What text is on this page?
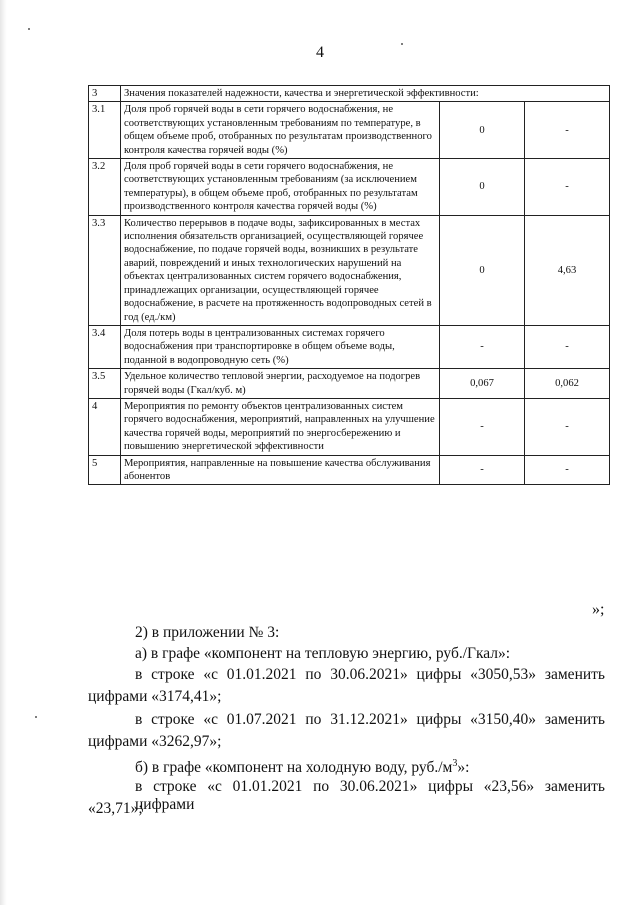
4
3	Значения показателей надежности, качества и энергетической эффективности:		
3.1	Доля проб горячей воды в сети горячего водоснабжения, не соответствующих установленным требованиям по температуре, в общем объеме проб, отобранных по результатам производственного контроля качества горячей воды (%)	0	-
3.2	Доля проб горячей воды в сети горячего водоснабжения, не соответствующих установленным требованиям (за исключением температуры), в общем объеме проб, отобранных по результатам производственного контроля качества горячей воды (%)	0	-
3.3	Количество перерывов в подаче воды, зафиксированных в местах исполнения обязательств организацией, осуществляющей горячее водоснабжение, по подаче горячей воды, возникших в результате аварий, повреждений и иных технологических нарушений на объектах централизованных систем горячего водоснабжения, принадлежащих организации, осуществляющей горячее водоснабжение, в расчете на протяженность водопроводных сетей в год (ед./км)	0	4,63
3.4	Доля потерь воды в централизованных системах горячего водоснабжения при транспортировке в общем объеме воды, поданной в водопроводную сеть (%)	-	-
3.5	Удельное количество тепловой энергии, расходуемое на подогрев горячей воды (Гкал/куб. м)	0,067	0,062
4	Мероприятия по ремонту объектов централизованных систем горячего водоснабжения, мероприятий, направленных на улучшение качества горячей воды, мероприятий по энергосбережению и повышению энергетической эффективности	-	-
5	Мероприятия, направленные на повышение качества обслуживания абонентов	-	-
»;
2) в приложении № 3:
а) в графе «компонент на тепловую энергию, руб./Гкал»:
в строке «с 01.01.2021 по 30.06.2021» цифры «3050,53» заменить
цифрами «3174,41»;
в строке «с 01.07.2021 по 31.12.2021» цифры «3150,40» заменить
цифрами «3262,97»;
б) в графе «компонент на холодную воду, $руб./м^3$»:
в строке «с 01.01.2021 по 30.06.2021» цифры «23,56» заменить цифрами
«23,71»;
